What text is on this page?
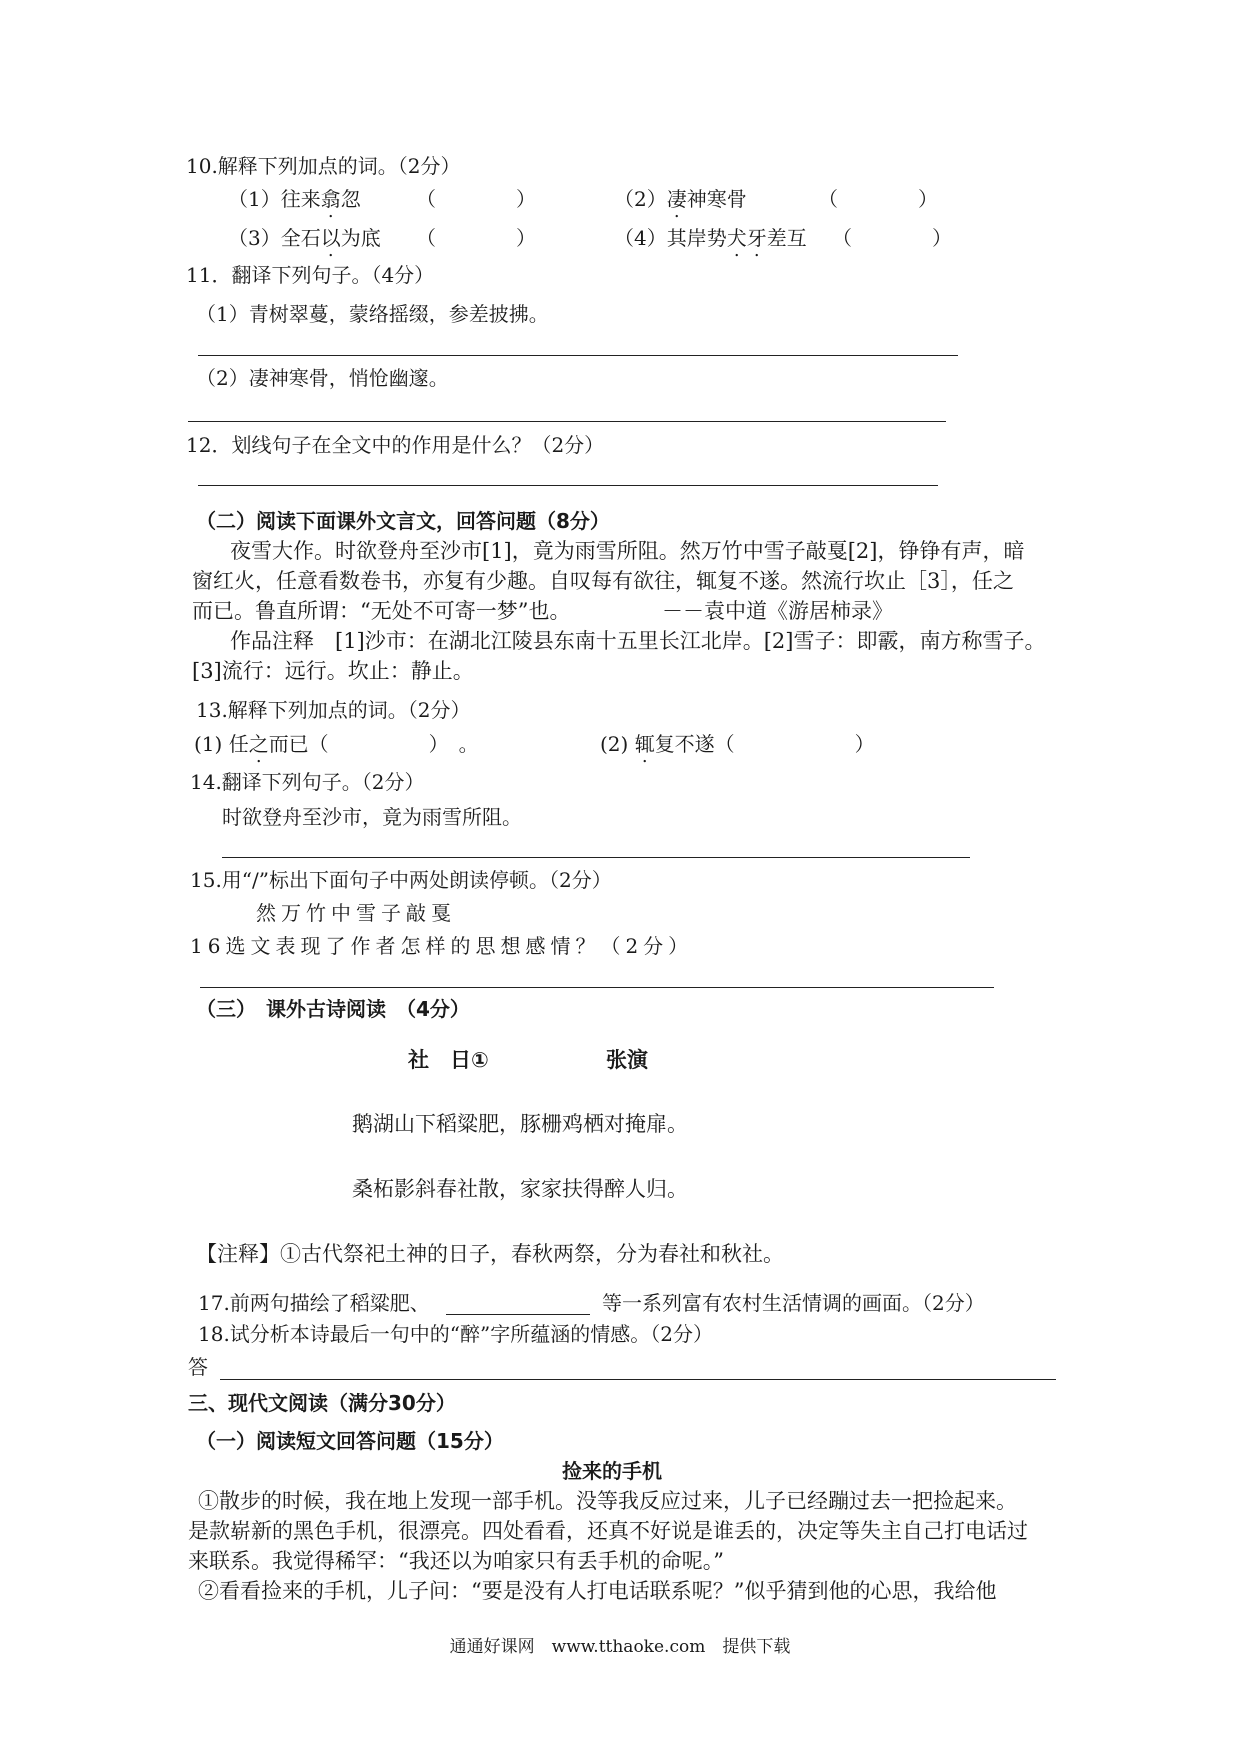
10.解释下列加点的词。（2分）
（1）往来翕忽	（　　　　）	（2）凄神寒骨	（　　　　）
（3）全石以为底 （　　　　）	（4）其岸势犬牙差互 （　　　　）
11．翻译下列句子。（4分）
（1）青树翠蔓，蒙络摇缀，参差披拂。
（2）凄神寒骨，悄怆幽邃。
12．划线句子在全文中的作用是什么？（2分）
（二）阅读下面课外文言文，回答问题（8分）
夜雪大作。时欲登舟至沙市[1]，竟为雨雪所阻。然万竹中雪子敲戛[2]，铮铮有声，暗
窗红火，任意看数卷书，亦复有少趣。自叹每有欲往，辄复不遂。然流行坎止［3］，任之
而已。鲁直所谓：“无处不可寄一梦”也。	－－袁中道《游居柿录》
作品注释　[1]沙市：在湖北江陵县东南十五里长江北岸。[2]雪子：即霰，南方称雪子。
[3]流行：远行。坎止：静止。
13.解释下列加点的词。（2分）
(1) 任之而已（　　　　　）　。	(2) 辄复不遂（　　　　　　）
14.翻译下列句子。（2分）
时欲登舟至沙市，竟为雨雪所阻。
15.用“/”标出下面句子中两处朗读停顿。（2分）
然万竹中雪子敲戛
16选文表现了作者怎样的思想感情？（2分）
（三）　课外古诗阅读　（4分）
社　日①	张演
鹅湖山下稻粱肥，豚栅鸡栖对掩扉。
桑柘影斜春社散，家家扶得醉人归。
【注释】①古代祭祀土神的日子，春秋两祭，分为春社和秋社。
17.前两句描绘了稻粱肥、	等一系列富有农村生活情调的画面。（2分）
18.试分析本诗最后一句中的“醉”字所蕴涵的情感。（2分）
答
三、现代文阅读（满分30分）
（一）阅读短文回答问题（15分）
捡来的手机
①散步的时候，我在地上发现一部手机。没等我反应过来，儿子已经蹦过去一把捡起来。
是款崭新的黑色手机，很漂亮。四处看看，还真不好说是谁丢的，决定等失主自己打电话过
来联系。我觉得稀罕：“我还以为咱家只有丢手机的命呢。”
②看看捡来的手机，儿子问：“要是没有人打电话联系呢？”似乎猜到他的心思，我给他
通通好课网　www.tthaoke.com　提供下载
